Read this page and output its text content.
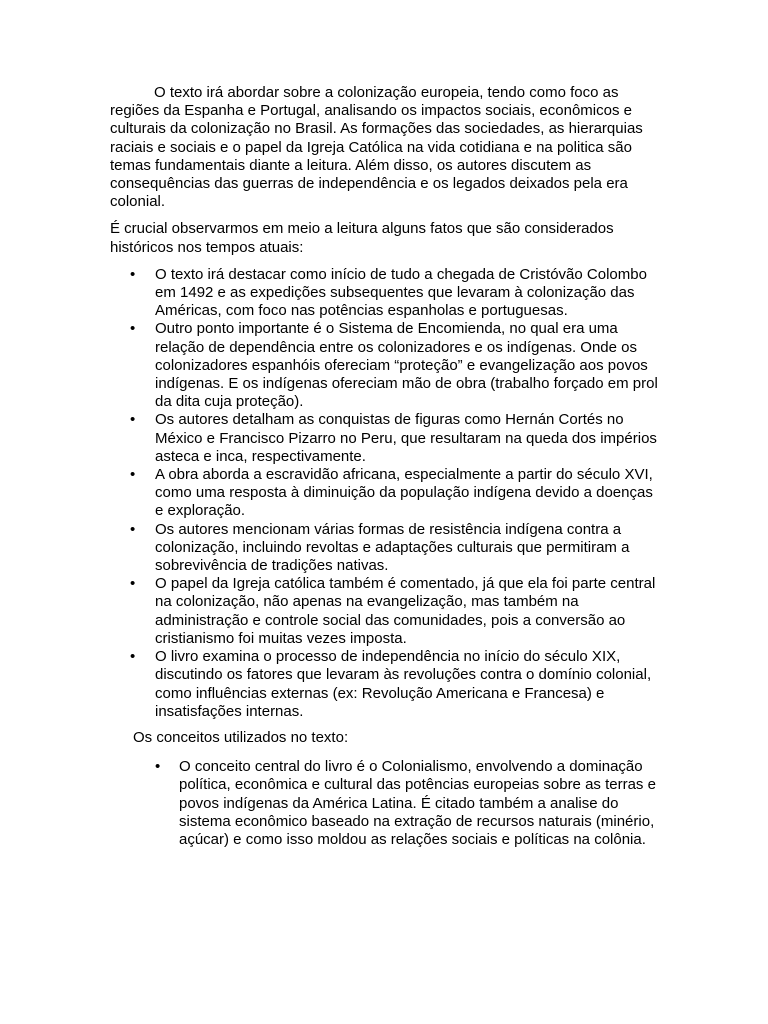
O texto irá abordar sobre a colonização europeia, tendo como foco as regiões da Espanha e Portugal, analisando os impactos sociais, econômicos e culturais da colonização no Brasil. As formações das sociedades, as hierarquias raciais e sociais e o papel da Igreja Católica na vida cotidiana e na politica são temas fundamentais diante a leitura. Além disso, os autores discutem as consequências das guerras de independência e os legados deixados pela era colonial.

É crucial observarmos em meio a leitura alguns fatos que são considerados históricos nos tempos atuais:

• O texto irá destacar como início de tudo a chegada de Cristóvão Colombo em 1492 e as expedições subsequentes que levaram à colonização das Américas, com foco nas potências espanholas e portuguesas.
• Outro ponto importante é o Sistema de Encomienda, no qual era uma relação de dependência entre os colonizadores e os indígenas. Onde os colonizadores espanhóis ofereciam “proteção” e evangelização aos povos indígenas. E os indígenas ofereciam mão de obra (trabalho forçado em prol da dita cuja proteção).
• Os autores detalham as conquistas de figuras como Hernán Cortés no México e Francisco Pizarro no Peru, que resultaram na queda dos impérios asteca e inca, respectivamente.
• A obra aborda a escravidão africana, especialmente a partir do século XVI, como uma resposta à diminuição da população indígena devido a doenças e exploração.
• Os autores mencionam várias formas de resistência indígena contra a colonização, incluindo revoltas e adaptações culturais que permitiram a sobrevivência de tradições nativas.
• O papel da Igreja católica também é comentado, já que ela foi parte central na colonização, não apenas na evangelização, mas também na administração e controle social das comunidades, pois a conversão ao cristianismo foi muitas vezes imposta.
• O livro examina o processo de independência no início do século XIX, discutindo os fatores que levaram às revoluções contra o domínio colonial, como influências externas (ex: Revolução Americana e Francesa) e insatisfações internas.

Os conceitos utilizados no texto:

• O conceito central do livro é o Colonialismo, envolvendo a dominação política, econômica e cultural das potências europeias sobre as terras e povos indígenas da América Latina. É citado também a analise do sistema econômico baseado na extração de recursos naturais (minério, açúcar) e como isso moldou as relações sociais e políticas na colônia.
